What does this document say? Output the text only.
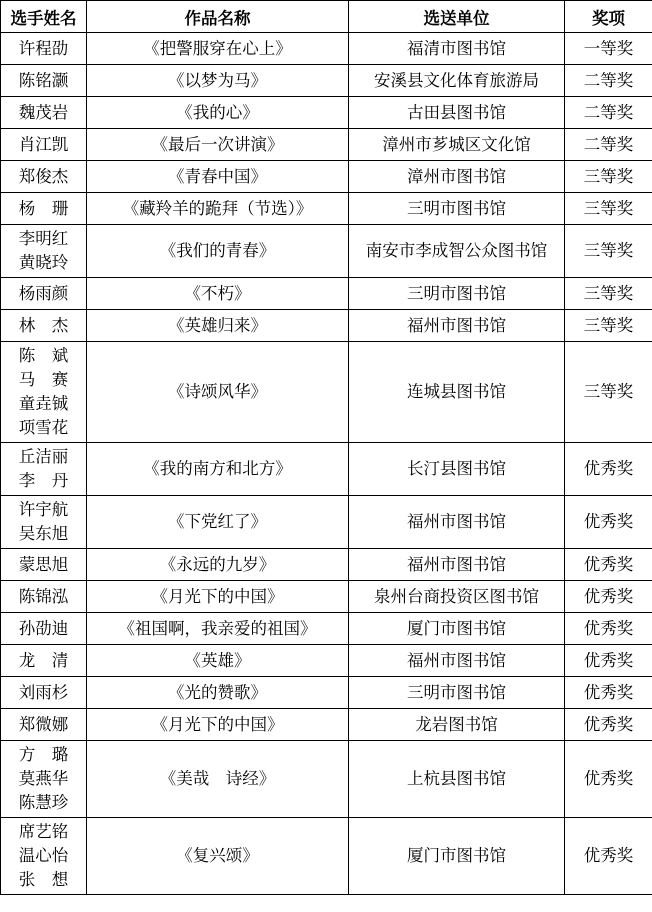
选手姓名	作品名称	选送单位	奖项

许程劭	《把警服穿在心上》	福清市图书馆	一等奖

陈铭灏	《以梦为马》	安溪县文化体育旅游局	二等奖

魏茂岩	《我的心》	古田县图书馆	二等奖

肖江凯	《最后一次讲演》	漳州市芗城区文化馆	二等奖

郑俊杰	《青春中国》	漳州市图书馆	三等奖

杨　珊	《藏羚羊的跪拜（节选）》	三明市图书馆	三等奖

李明红
黄晓玲	《我们的青春》	南安市李成智公众图书馆	三等奖

杨雨颜	《不朽》	三明市图书馆	三等奖

林　杰	《英雄归来》	福州市图书馆	三等奖

陈　斌
马　赛
童垚铖
项雪花	《诗颂风华》	连城县图书馆	三等奖

丘洁丽
李　丹	《我的南方和北方》	长汀县图书馆	优秀奖

许宇航
吴东旭	《下党红了》	福州市图书馆	优秀奖

蒙思旭	《永远的九岁》	福州市图书馆	优秀奖

陈锦泓	《月光下的中国》	泉州台商投资区图书馆	优秀奖

孙劭迪	《祖国啊，我亲爱的祖国》	厦门市图书馆	优秀奖

龙　清	《英雄》	福州市图书馆	优秀奖

刘雨杉	《光的赞歌》	三明市图书馆	优秀奖

郑微娜	《月光下的中国》	龙岩图书馆	优秀奖

方　璐
莫燕华
陈慧珍	《美哉　诗经》	上杭县图书馆	优秀奖

席艺铭
温心怡
张　想	《复兴颂》	厦门市图书馆	优秀奖
